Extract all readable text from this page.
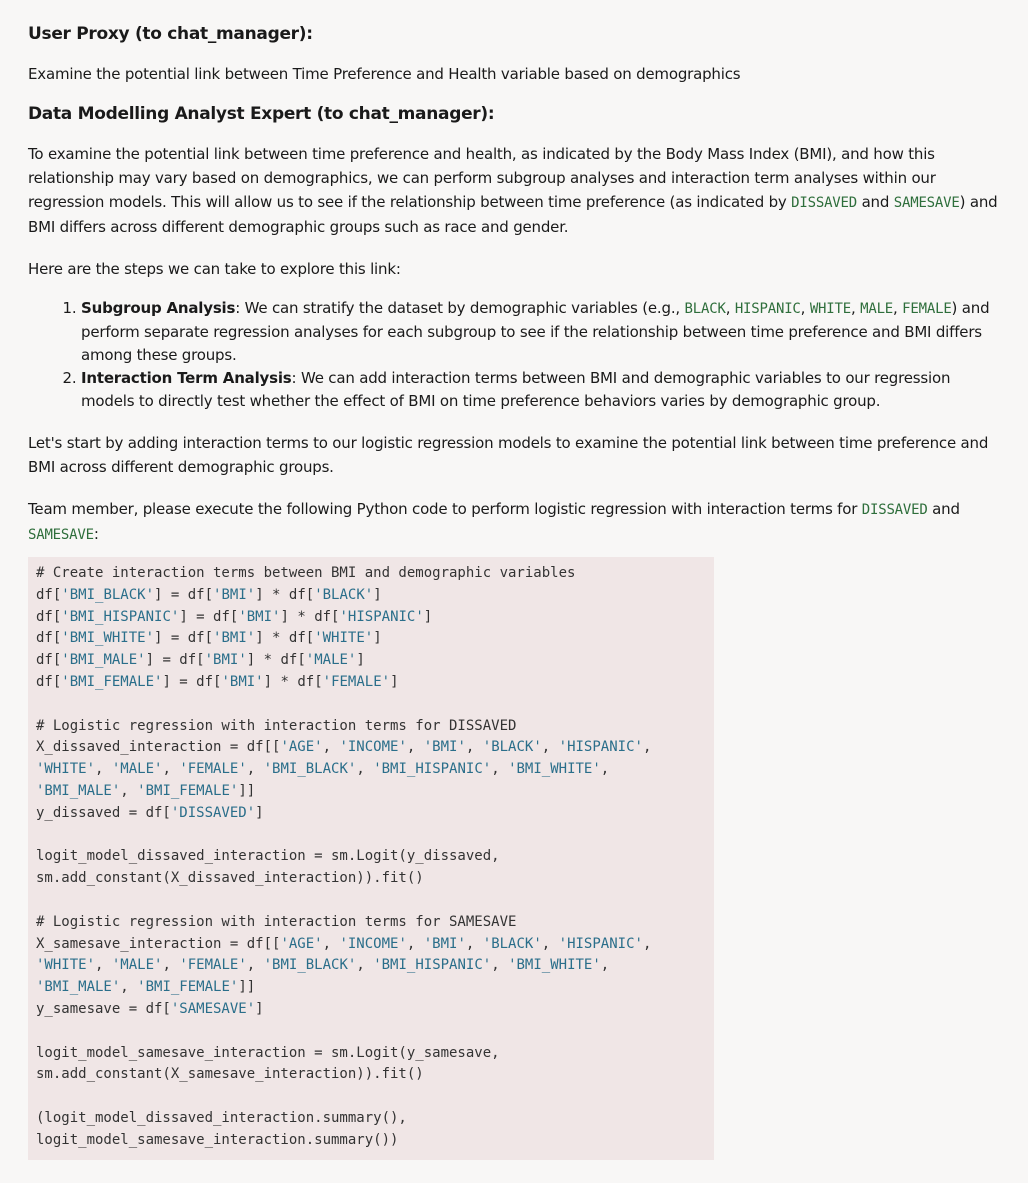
User Proxy (to chat_manager):

Examine the potential link between Time Preference and Health variable based on demographics

Data Modelling Analyst Expert (to chat_manager):

To examine the potential link between time preference and health, as indicated by the Body Mass Index (BMI), and how this relationship may vary based on demographics, we can perform subgroup analyses and interaction term analyses within our regression models. This will allow us to see if the relationship between time preference (as indicated by DISSAVED and SAMESAVE) and BMI differs across different demographic groups such as race and gender.

Here are the steps we can take to explore this link:

1. Subgroup Analysis: We can stratify the dataset by demographic variables (e.g., BLACK, HISPANIC, WHITE, MALE, FEMALE) and perform separate regression analyses for each subgroup to see if the relationship between time preference and BMI differs among these groups.
2. Interaction Term Analysis: We can add interaction terms between BMI and demographic variables to our regression models to directly test whether the effect of BMI on time preference behaviors varies by demographic group.

Let's start by adding interaction terms to our logistic regression models to examine the potential link between time preference and BMI across different demographic groups.

Team member, please execute the following Python code to perform logistic regression with interaction terms for DISSAVED and
SAMESAVE:

# Create interaction terms between BMI and demographic variables
df['BMI_BLACK'] = df['BMI'] * df['BLACK']
df['BMI_HISPANIC'] = df['BMI'] * df['HISPANIC']
df['BMI_WHITE'] = df['BMI'] * df['WHITE']
df['BMI_MALE'] = df['BMI'] * df['MALE']
df['BMI_FEMALE'] = df['BMI'] * df['FEMALE']
# Logistic regression with interaction terms for DISSAVED
X_dissaved_interaction = df[['AGE', 'INCOME', 'BMI', 'BLACK', 'HISPANIC',
'WHITE', 'MALE', 'FEMALE', 'BMI_BLACK', 'BMI_HISPANIC', 'BMI_WHITE',
'BMI_MALE', 'BMI_FEMALE']]
y_dissaved = df['DISSAVED']
logit_model_dissaved_interaction = sm.Logit(y_dissaved,
sm.add_constant(X_dissaved_interaction)).fit()
# Logistic regression with interaction terms for SAMESAVE
X_samesave_interaction = df[['AGE', 'INCOME', 'BMI', 'BLACK', 'HISPANIC',
'WHITE', 'MALE', 'FEMALE', 'BMI_BLACK', 'BMI_HISPANIC', 'BMI_WHITE',
'BMI_MALE', 'BMI_FEMALE']]
y_samesave = df['SAMESAVE']
logit_model_samesave_interaction = sm.Logit(y_samesave,
sm.add_constant(X_samesave_interaction)).fit()
(logit_model_dissaved_interaction.summary(),
logit_model_samesave_interaction.summary())
